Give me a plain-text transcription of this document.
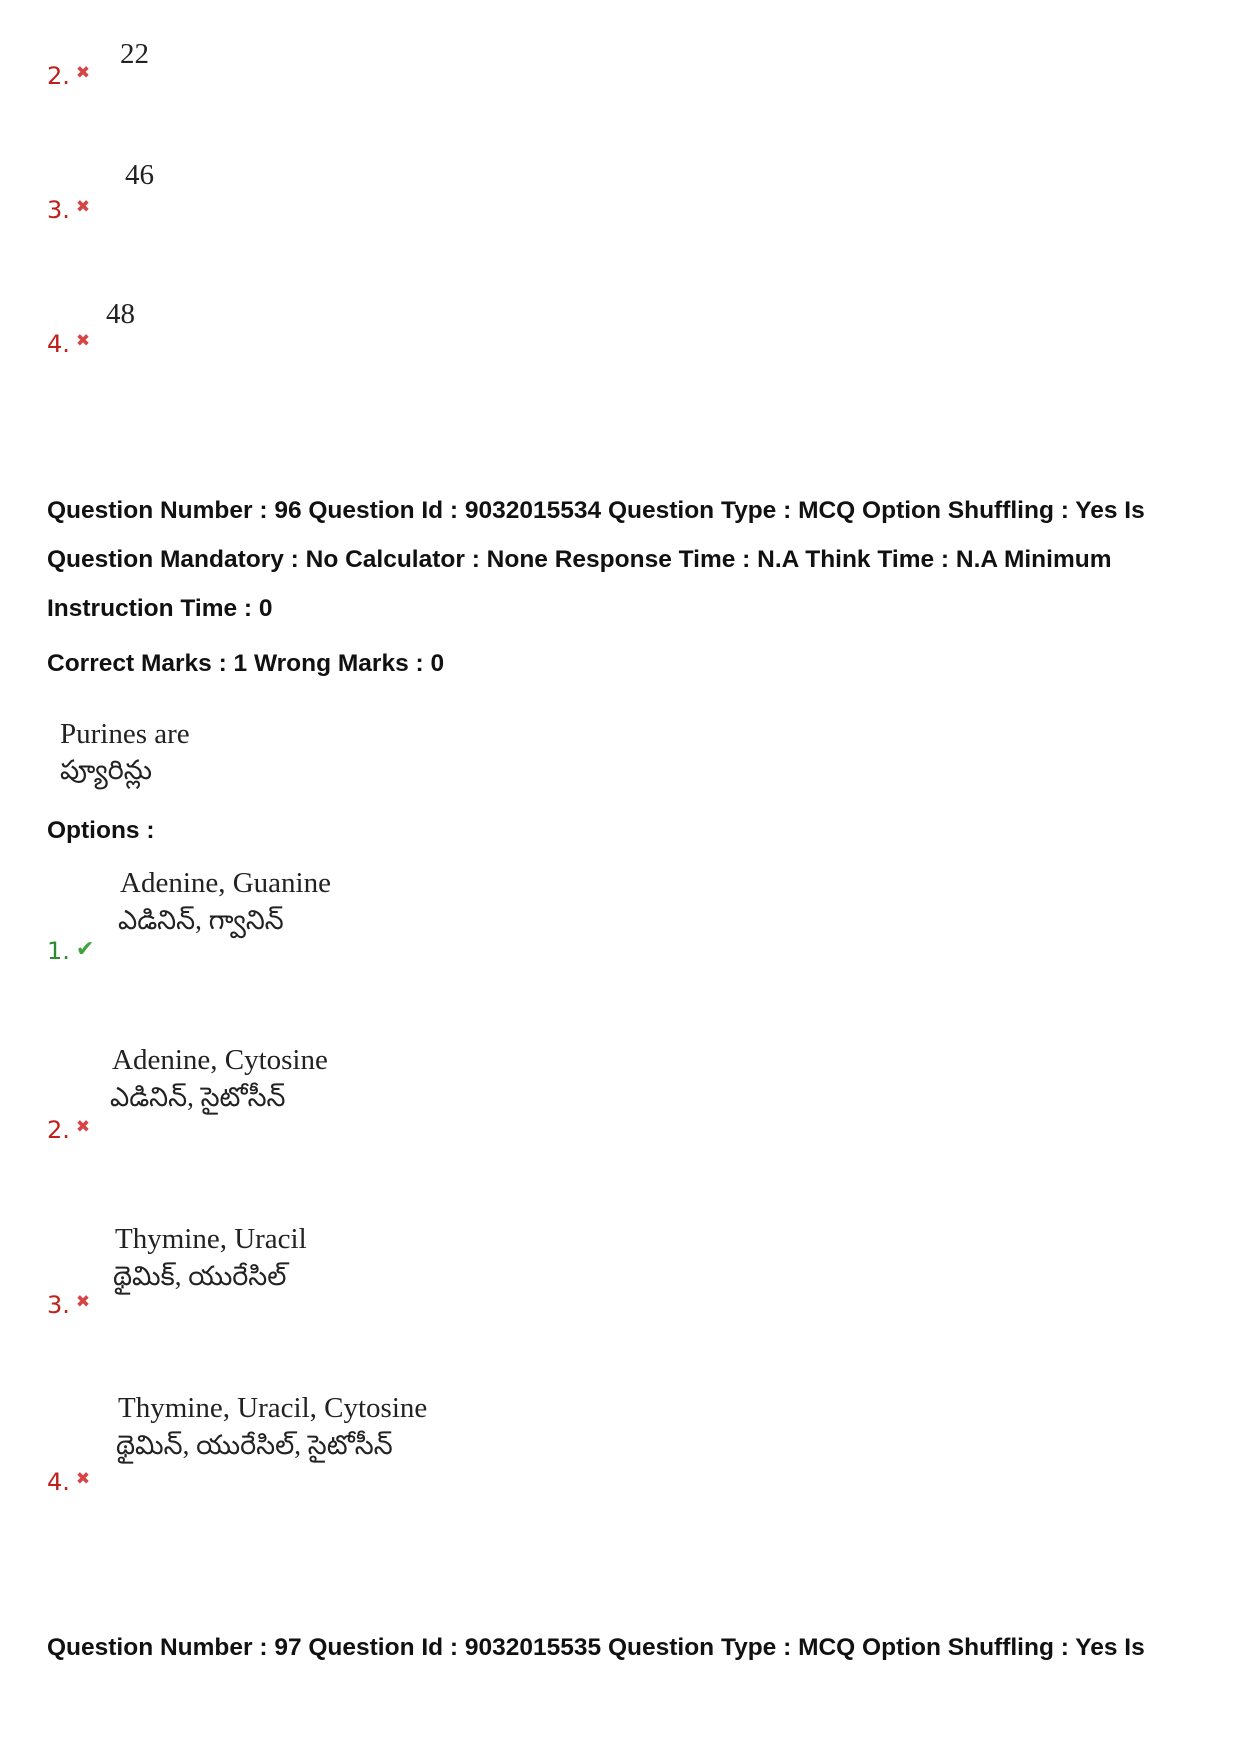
2. ✖
22
3. ✖
46
4. ✖
48
Question Number : 96 Question Id : 9032015534 Question Type : MCQ Option Shuffling : Yes Is
Question Mandatory : No Calculator : None Response Time : N.A Think Time : N.A Minimum
Instruction Time : 0
Correct Marks : 1 Wrong Marks : 0
Purines are
ప్యూరిన్లు
Options :
Adenine, Guanine
ఎడినిన్, గ్వానిన్
1. ✔
Adenine, Cytosine
ఎడినిన్, సైటోసీన్
2. ✖
Thymine, Uracil
థైమిక్, యురేసిల్
3. ✖
Thymine, Uracil, Cytosine
థైమిన్, యురేసిల్, సైటోసీన్
4. ✖
Question Number : 97 Question Id : 9032015535 Question Type : MCQ Option Shuffling : Yes Is
